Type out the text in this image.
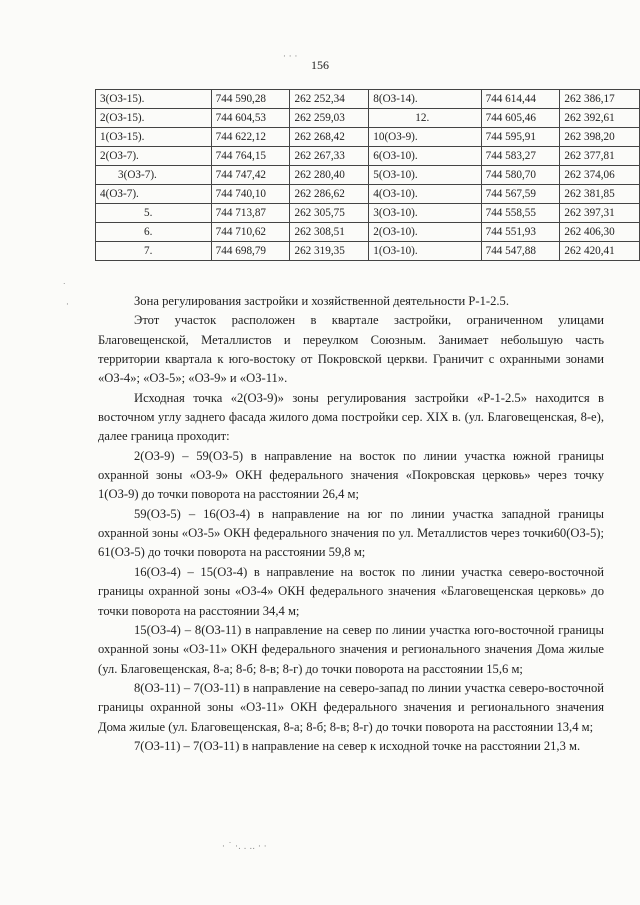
· · ·
156
3(ОЗ-15).	744 590,28	262 252,34	8(ОЗ-14).	744 614,44	262 386,17
2(ОЗ-15).	744 604,53	262 259,03	12.	744 605,46	262 392,61
1(ОЗ-15).	744 622,12	262 268,42	10(ОЗ-9).	744 595,91	262 398,20
2(ОЗ-7).	744 764,15	262 267,33	6(ОЗ-10).	744 583,27	262 377,81
3(ОЗ-7).	744 747,42	262 280,40	5(ОЗ-10).	744 580,70	262 374,06
4(ОЗ-7).	744 740,10	262 286,62	4(ОЗ-10).	744 567,59	262 381,85
5.	744 713,87	262 305,75	3(ОЗ-10).	744 558,55	262 397,31
6.	744 710,62	262 308,51	2(ОЗ-10).	744 551,93	262 406,30
7.	744 698,79	262 319,35	1(ОЗ-10).	744 547,88	262 420,41
˙
·	Зона регулирования застройки и хозяйственной деятельности Р-1-2.5.

Этот участок расположен в квартале застройки, ограниченном улицами Благовещенской, Металлистов и переулком Союзным. Занимает небольшую часть территории квартала к юго-востоку от Покровской церкви. Граничит с охранными зонами «ОЗ-4»; «ОЗ-5»; «ОЗ-9» и «ОЗ-11».

Исходная точка «2(ОЗ-9)» зоны регулирования застройки «Р-1-2.5» находится в восточном углу заднего фасада жилого дома постройки сер. XIX в. (ул. Благовещенская, 8-е), далее граница проходит:

2(ОЗ-9) – 59(ОЗ-5) в направление на восток по линии участка южной границы охранной зоны «ОЗ-9» ОКН федерального значения «Покровская церковь» через точку 1(ОЗ-9) до точки поворота на расстоянии 26,4 м;

59(ОЗ-5) – 16(ОЗ-4) в направление на юг по линии участка западной границы охранной зоны «ОЗ-5» ОКН федерального значения по ул. Металлистов через точки60(ОЗ-5); 61(ОЗ-5) до точки поворота на расстоянии 59,8 м;

16(ОЗ-4) – 15(ОЗ-4) в направление на восток по линии участка северо-восточной границы охранной зоны «ОЗ-4» ОКН федерального значения «Благовещенская церковь» до точки поворота на расстоянии 34,4 м;

15(ОЗ-4) – 8(ОЗ-11) в направление на север по линии участка юго-восточной границы охранной зоны «ОЗ-11» ОКН федерального значения и регионального значения Дома жилые (ул. Благовещенская, 8-а; 8-б; 8-в; 8-г) до точки поворота на расстоянии 15,6 м;

8(ОЗ-11) – 7(ОЗ-11) в направление на северо-запад по линии участка северо-восточной границы охранной зоны «ОЗ-11» ОКН федерального значения и регионального значения Дома жилые (ул. Благовещенская, 8-а; 8-б; 8-в; 8-г) до точки поворота на расстоянии 13,4 м;

7(ОЗ-11) – 7(ОЗ-11) в направление на север к исходной точке на расстоянии 21,3 м.

· ˙ ·. . .. · ·
